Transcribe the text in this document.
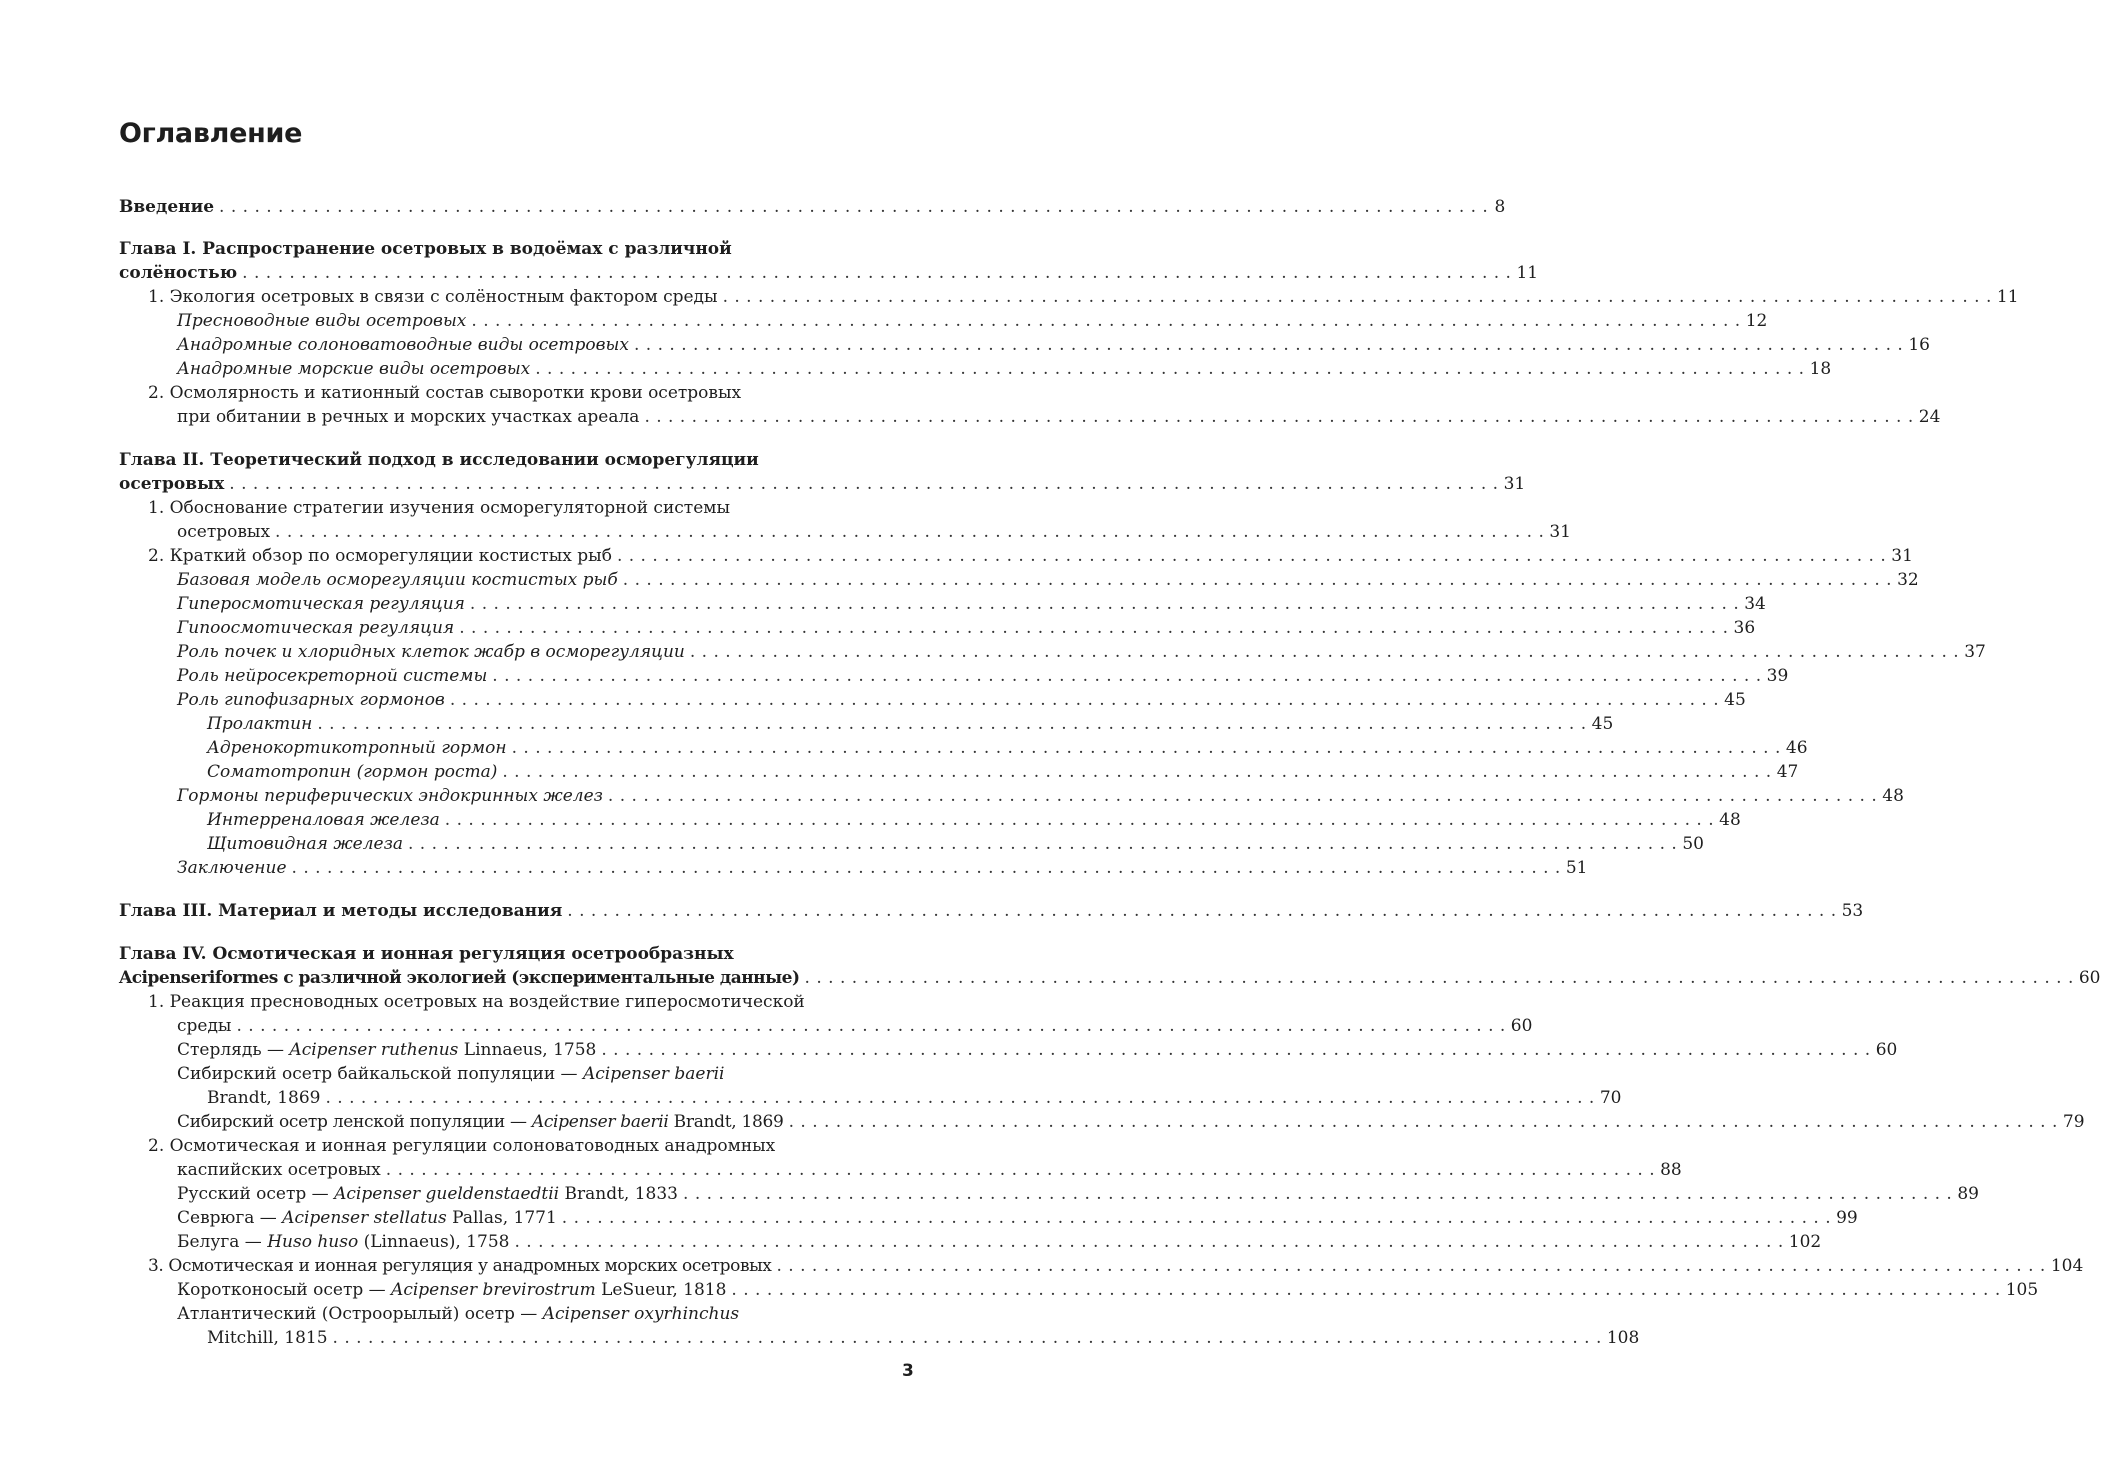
Оглавление
Введение . . . . . . . . . . . . . . . . . . . . . . . . . . . . . . . . . . . . . . . . . . . . . . . . . . . . . . . . . . . . . . . . . . . . . . . . . . . . . . . . . . . . . . . . . . . . . . . . . . . . . . . . . . . . 8
Глава I. Распространение осетровых в водоёмах с различной
солёностью . . . . . . . . . . . . . . . . . . . . . . . . . . . . . . . . . . . . . . . . . . . . . . . . . . . . . . . . . . . . . . . . . . . . . . . . . . . . . . . . . . . . . . . . . . . . . . . . . . . . . . . . . . . . 11
1. Экология осетровых в связи с солёностным фактором среды . . . . . . . . . . . . . . . . . . . . . . . . . . . . . . . . . . . . . . . . . . . . . . . . . . . . . . . . . . . . . . . . . . . . . . . . . . . . . . . . . . . . . . . . . . . . . . . . . . . . . . . . . . . . 11
Пресноводные виды осетровых . . . . . . . . . . . . . . . . . . . . . . . . . . . . . . . . . . . . . . . . . . . . . . . . . . . . . . . . . . . . . . . . . . . . . . . . . . . . . . . . . . . . . . . . . . . . . . . . . . . . . . . . . . . . 12
Анадромные солоноватоводные виды осетровых . . . . . . . . . . . . . . . . . . . . . . . . . . . . . . . . . . . . . . . . . . . . . . . . . . . . . . . . . . . . . . . . . . . . . . . . . . . . . . . . . . . . . . . . . . . . . . . . . . . . . . . . . . . . 16
Анадромные морские виды осетровых . . . . . . . . . . . . . . . . . . . . . . . . . . . . . . . . . . . . . . . . . . . . . . . . . . . . . . . . . . . . . . . . . . . . . . . . . . . . . . . . . . . . . . . . . . . . . . . . . . . . . . . . . . . . 18
2. Осмолярность и катионный состав сыворотки крови осетровых
при обитании в речных и морских участках ареала . . . . . . . . . . . . . . . . . . . . . . . . . . . . . . . . . . . . . . . . . . . . . . . . . . . . . . . . . . . . . . . . . . . . . . . . . . . . . . . . . . . . . . . . . . . . . . . . . . . . . . . . . . . . 24
Глава II. Теоретический подход в исследовании осморегуляции
осетровых . . . . . . . . . . . . . . . . . . . . . . . . . . . . . . . . . . . . . . . . . . . . . . . . . . . . . . . . . . . . . . . . . . . . . . . . . . . . . . . . . . . . . . . . . . . . . . . . . . . . . . . . . . . . 31
1. Обоснование стратегии изучения осморегуляторной системы
осетровых . . . . . . . . . . . . . . . . . . . . . . . . . . . . . . . . . . . . . . . . . . . . . . . . . . . . . . . . . . . . . . . . . . . . . . . . . . . . . . . . . . . . . . . . . . . . . . . . . . . . . . . . . . . . 31
2. Краткий обзор по осморегуляции костистых рыб . . . . . . . . . . . . . . . . . . . . . . . . . . . . . . . . . . . . . . . . . . . . . . . . . . . . . . . . . . . . . . . . . . . . . . . . . . . . . . . . . . . . . . . . . . . . . . . . . . . . . . . . . . . . 31
Базовая модель осморегуляции костистых рыб . . . . . . . . . . . . . . . . . . . . . . . . . . . . . . . . . . . . . . . . . . . . . . . . . . . . . . . . . . . . . . . . . . . . . . . . . . . . . . . . . . . . . . . . . . . . . . . . . . . . . . . . . . . . 32
Гиперосмотическая регуляция . . . . . . . . . . . . . . . . . . . . . . . . . . . . . . . . . . . . . . . . . . . . . . . . . . . . . . . . . . . . . . . . . . . . . . . . . . . . . . . . . . . . . . . . . . . . . . . . . . . . . . . . . . . . 34
Гипоосмотическая регуляция . . . . . . . . . . . . . . . . . . . . . . . . . . . . . . . . . . . . . . . . . . . . . . . . . . . . . . . . . . . . . . . . . . . . . . . . . . . . . . . . . . . . . . . . . . . . . . . . . . . . . . . . . . . . 36
Роль почек и хлоридных клеток жабр в осморегуляции . . . . . . . . . . . . . . . . . . . . . . . . . . . . . . . . . . . . . . . . . . . . . . . . . . . . . . . . . . . . . . . . . . . . . . . . . . . . . . . . . . . . . . . . . . . . . . . . . . . . . . . . . . . . 37
Роль нейросекреторной системы . . . . . . . . . . . . . . . . . . . . . . . . . . . . . . . . . . . . . . . . . . . . . . . . . . . . . . . . . . . . . . . . . . . . . . . . . . . . . . . . . . . . . . . . . . . . . . . . . . . . . . . . . . . . 39
Роль гипофизарных гормонов . . . . . . . . . . . . . . . . . . . . . . . . . . . . . . . . . . . . . . . . . . . . . . . . . . . . . . . . . . . . . . . . . . . . . . . . . . . . . . . . . . . . . . . . . . . . . . . . . . . . . . . . . . . . 45
Пролактин . . . . . . . . . . . . . . . . . . . . . . . . . . . . . . . . . . . . . . . . . . . . . . . . . . . . . . . . . . . . . . . . . . . . . . . . . . . . . . . . . . . . . . . . . . . . . . . . . . . . . . . . . . . . 45
Адренокортикотропный гормон . . . . . . . . . . . . . . . . . . . . . . . . . . . . . . . . . . . . . . . . . . . . . . . . . . . . . . . . . . . . . . . . . . . . . . . . . . . . . . . . . . . . . . . . . . . . . . . . . . . . . . . . . . . . 46
Соматотропин (гормон роста) . . . . . . . . . . . . . . . . . . . . . . . . . . . . . . . . . . . . . . . . . . . . . . . . . . . . . . . . . . . . . . . . . . . . . . . . . . . . . . . . . . . . . . . . . . . . . . . . . . . . . . . . . . . . 47
Гормоны периферических эндокринных желез . . . . . . . . . . . . . . . . . . . . . . . . . . . . . . . . . . . . . . . . . . . . . . . . . . . . . . . . . . . . . . . . . . . . . . . . . . . . . . . . . . . . . . . . . . . . . . . . . . . . . . . . . . . . 48
Интерреналовая железа . . . . . . . . . . . . . . . . . . . . . . . . . . . . . . . . . . . . . . . . . . . . . . . . . . . . . . . . . . . . . . . . . . . . . . . . . . . . . . . . . . . . . . . . . . . . . . . . . . . . . . . . . . . . 48
Щитовидная железа . . . . . . . . . . . . . . . . . . . . . . . . . . . . . . . . . . . . . . . . . . . . . . . . . . . . . . . . . . . . . . . . . . . . . . . . . . . . . . . . . . . . . . . . . . . . . . . . . . . . . . . . . . . . 50
Заключение . . . . . . . . . . . . . . . . . . . . . . . . . . . . . . . . . . . . . . . . . . . . . . . . . . . . . . . . . . . . . . . . . . . . . . . . . . . . . . . . . . . . . . . . . . . . . . . . . . . . . . . . . . . . 51
Глава III. Материал и методы исследования . . . . . . . . . . . . . . . . . . . . . . . . . . . . . . . . . . . . . . . . . . . . . . . . . . . . . . . . . . . . . . . . . . . . . . . . . . . . . . . . . . . . . . . . . . . . . . . . . . . . . . . . . . . . 53
Глава IV. Осмотическая и ионная регуляция осетрообразных
Acipenseriformes с различной экологией (экспериментальные данные) . . . . . . . . . . . . . . . . . . . . . . . . . . . . . . . . . . . . . . . . . . . . . . . . . . . . . . . . . . . . . . . . . . . . . . . . . . . . . . . . . . . . . . . . . . . . . . . . . . . . . . . . . . . . 60
1. Реакция пресноводных осетровых на воздействие гиперосмотической
среды . . . . . . . . . . . . . . . . . . . . . . . . . . . . . . . . . . . . . . . . . . . . . . . . . . . . . . . . . . . . . . . . . . . . . . . . . . . . . . . . . . . . . . . . . . . . . . . . . . . . . . . . . . . . 60
Стерлядь — Acipenser ruthenus Linnaeus, 1758 . . . . . . . . . . . . . . . . . . . . . . . . . . . . . . . . . . . . . . . . . . . . . . . . . . . . . . . . . . . . . . . . . . . . . . . . . . . . . . . . . . . . . . . . . . . . . . . . . . . . . . . . . . . . 60
Сибирский осетр байкальской популяции — Acipenser baerii
Brandt, 1869 . . . . . . . . . . . . . . . . . . . . . . . . . . . . . . . . . . . . . . . . . . . . . . . . . . . . . . . . . . . . . . . . . . . . . . . . . . . . . . . . . . . . . . . . . . . . . . . . . . . . . . . . . . . . 70
Сибирский осетр ленской популяции — Acipenser baerii Brandt, 1869 . . . . . . . . . . . . . . . . . . . . . . . . . . . . . . . . . . . . . . . . . . . . . . . . . . . . . . . . . . . . . . . . . . . . . . . . . . . . . . . . . . . . . . . . . . . . . . . . . . . . . . . . . . . . 79
2. Осмотическая и ионная регуляции солоноватоводных анадромных
каспийских осетровых . . . . . . . . . . . . . . . . . . . . . . . . . . . . . . . . . . . . . . . . . . . . . . . . . . . . . . . . . . . . . . . . . . . . . . . . . . . . . . . . . . . . . . . . . . . . . . . . . . . . . . . . . . . . 88
Русский осетр — Acipenser gueldenstaedtii Brandt, 1833 . . . . . . . . . . . . . . . . . . . . . . . . . . . . . . . . . . . . . . . . . . . . . . . . . . . . . . . . . . . . . . . . . . . . . . . . . . . . . . . . . . . . . . . . . . . . . . . . . . . . . . . . . . . . 89
Севрюга — Acipenser stellatus Pallas, 1771 . . . . . . . . . . . . . . . . . . . . . . . . . . . . . . . . . . . . . . . . . . . . . . . . . . . . . . . . . . . . . . . . . . . . . . . . . . . . . . . . . . . . . . . . . . . . . . . . . . . . . . . . . . . . 99
Белуга — Huso huso (Linnaeus), 1758 . . . . . . . . . . . . . . . . . . . . . . . . . . . . . . . . . . . . . . . . . . . . . . . . . . . . . . . . . . . . . . . . . . . . . . . . . . . . . . . . . . . . . . . . . . . . . . . . . . . . . . . . . . . . 102
3. Осмотическая и ионная регуляция у анадромных морских осетровых . . . . . . . . . . . . . . . . . . . . . . . . . . . . . . . . . . . . . . . . . . . . . . . . . . . . . . . . . . . . . . . . . . . . . . . . . . . . . . . . . . . . . . . . . . . . . . . . . . . . . . . . . . . . 104
Коротконосый осетр — Acipenser brevirostrum LeSueur, 1818 . . . . . . . . . . . . . . . . . . . . . . . . . . . . . . . . . . . . . . . . . . . . . . . . . . . . . . . . . . . . . . . . . . . . . . . . . . . . . . . . . . . . . . . . . . . . . . . . . . . . . . . . . . . . 105
Атлантический (Остроорылый) осетр — Acipenser oxyrhinchus
Mitchill, 1815 . . . . . . . . . . . . . . . . . . . . . . . . . . . . . . . . . . . . . . . . . . . . . . . . . . . . . . . . . . . . . . . . . . . . . . . . . . . . . . . . . . . . . . . . . . . . . . . . . . . . . . . . . . . . 108
3
